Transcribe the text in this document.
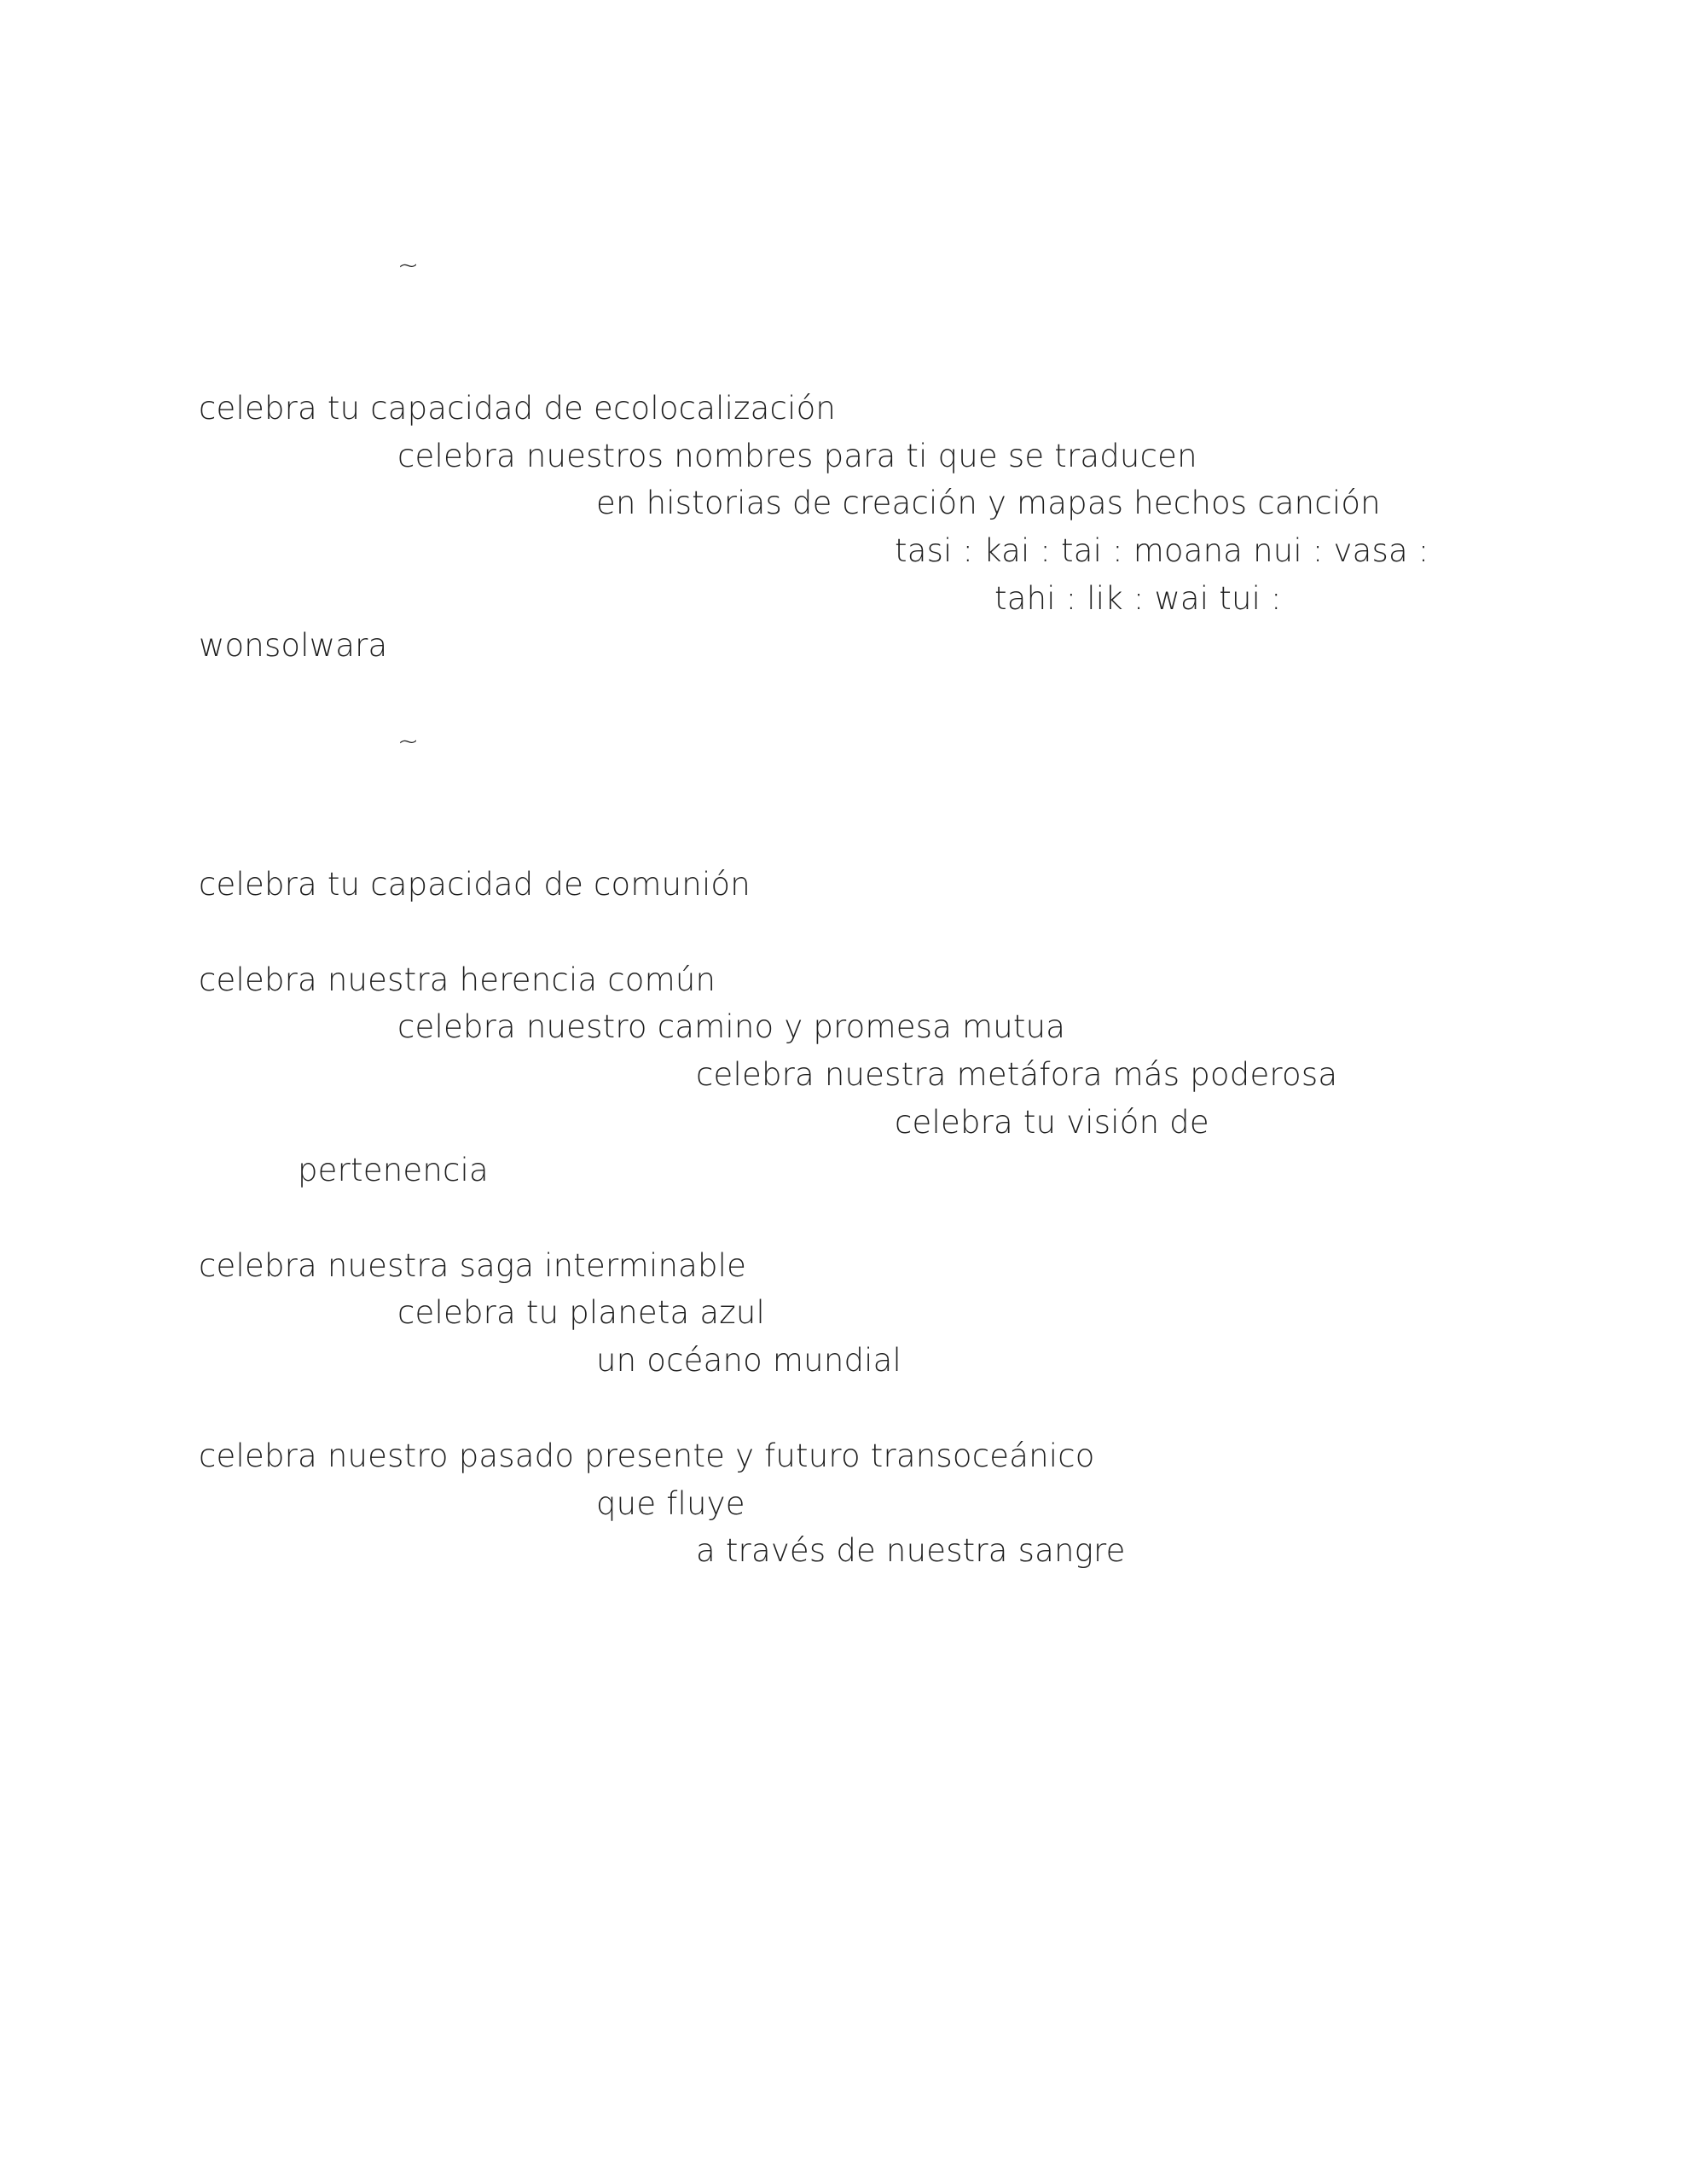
~
celebra tu capacidad de ecolocalización
celebra nuestros nombres para ti que se traducen
en historias de creación y mapas hechos canción
tasi : kai : tai : moana nui : vasa :
tahi : lik : wai tui :
wonsolwara
~
celebra tu capacidad de comunión
celebra nuestra herencia común
celebra nuestro camino y promesa mutua
celebra nuestra metáfora más poderosa
celebra tu visión de
pertenencia
celebra nuestra saga interminable
celebra tu planeta azul
un océano mundial
celebra nuestro pasado presente y futuro transoceánico
que fluye
a través de nuestra sangre
